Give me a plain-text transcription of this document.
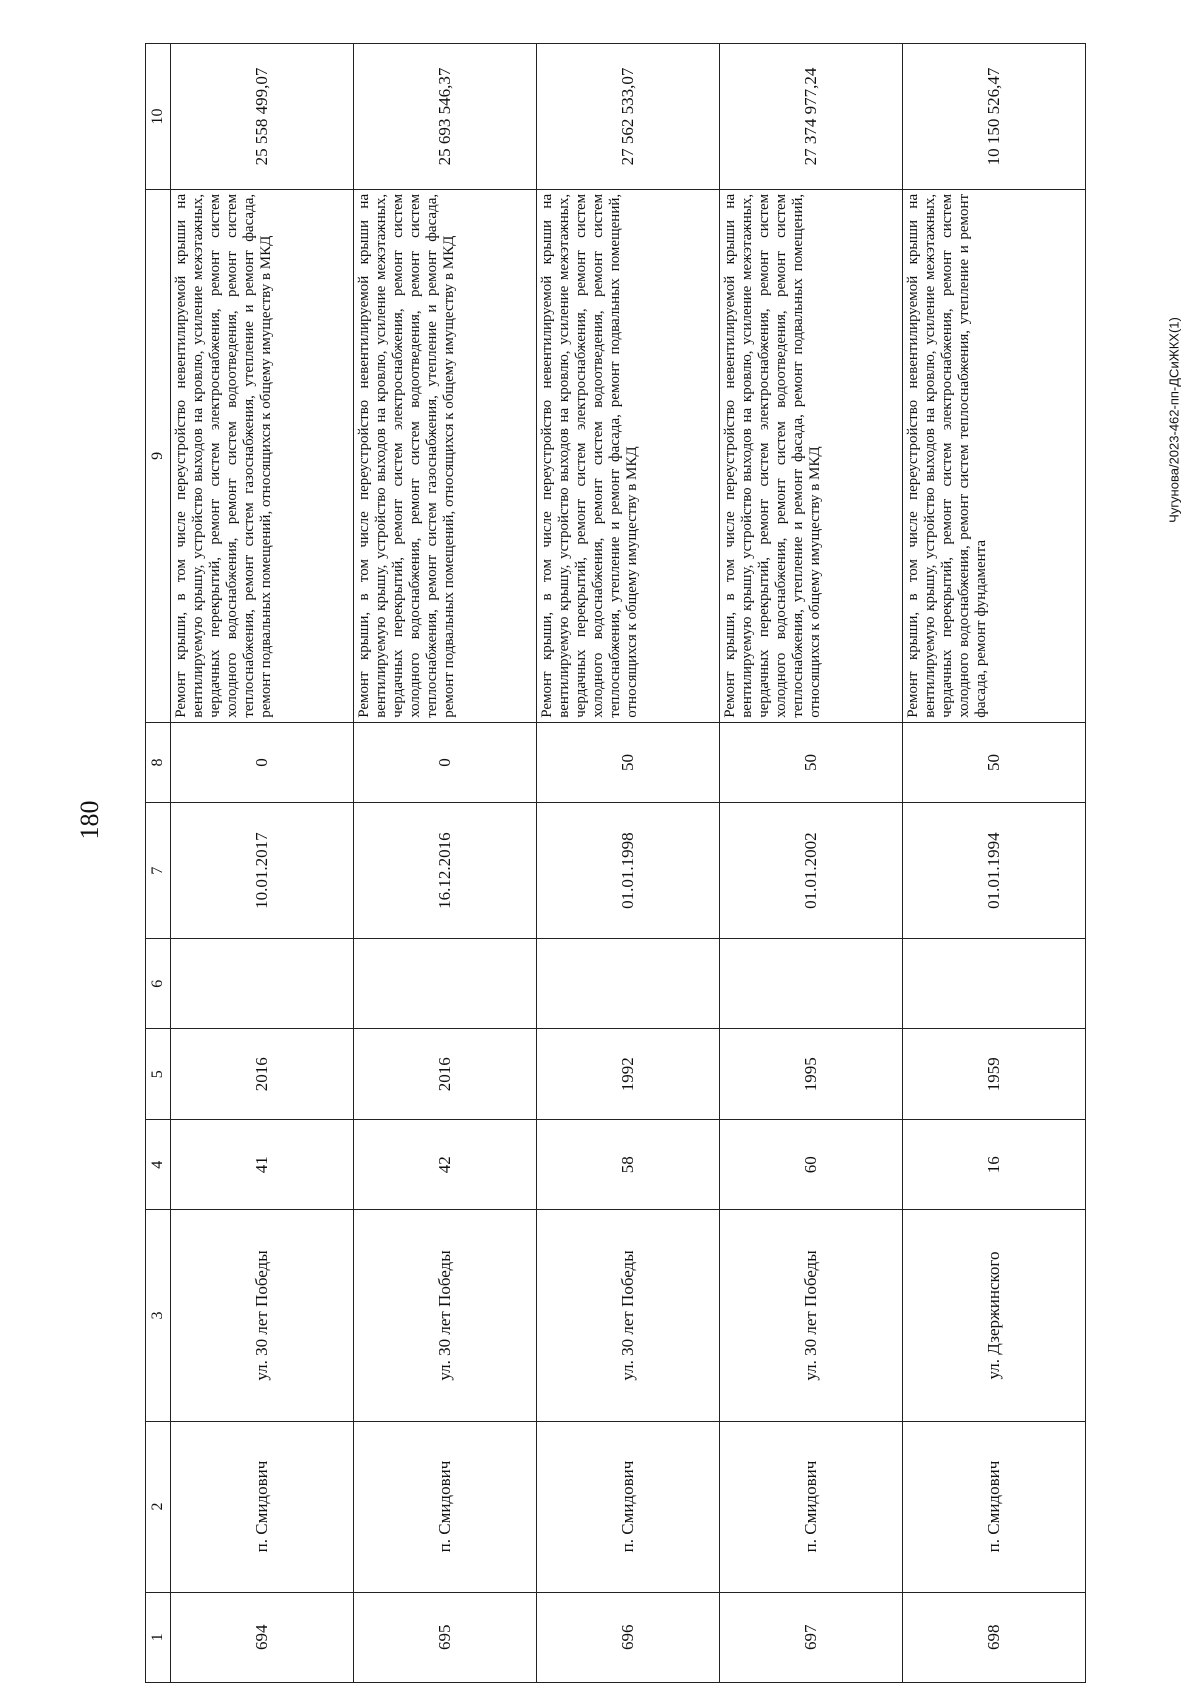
180
1	2	3	4	5	6	7	8	9	10
694	п. Смидович	ул. 30 лет Победы	41	2016		10.01.2017	0	Ремонт крыши, в том числе переустройство невентилируемой крыши на вентилируемую крышу, устройство выходов на кровлю, усиление межэтажных, чердачных перекрытий, ремонт систем электроснабжения, ремонт систем холодного водоснабжения, ремонт систем водоотведения, ремонт систем теплоснабжения, ремонт систем газоснабжения, утепление и ремонт фасада, ремонт подвальных помещений, относящихся к общему имуществу в МКД	25 558 499,07
695	п. Смидович	ул. 30 лет Победы	42	2016		16.12.2016	0	Ремонт крыши, в том числе переустройство невентилируемой крыши на вентилируемую крышу, устройство выходов на кровлю, усиление межэтажных, чердачных перекрытий, ремонт систем электроснабжения, ремонт систем холодного водоснабжения, ремонт систем водоотведения, ремонт систем теплоснабжения, ремонт систем газоснабжения, утепление и ремонт фасада, ремонт подвальных помещений, относящихся к общему имуществу в МКД	25 693 546,37
696	п. Смидович	ул. 30 лет Победы	58	1992		01.01.1998	50	Ремонт крыши, в том числе переустройство невентилируемой крыши на вентилируемую крышу, устройство выходов на кровлю, усиление межэтажных, чердачных перекрытий, ремонт систем электроснабжения, ремонт систем холодного водоснабжения, ремонт систем водоотведения, ремонт систем теплоснабжения, утепление и ремонт фасада, ремонт подвальных помещений, относящихся к общему имуществу в МКД	27 562 533,07
697	п. Смидович	ул. 30 лет Победы	60	1995		01.01.2002	50	Ремонт крыши, в том числе переустройство невентилируемой крыши на вентилируемую крышу, устройство выходов на кровлю, усиление межэтажных, чердачных перекрытий, ремонт систем электроснабжения, ремонт систем холодного водоснабжения, ремонт систем водоотведения, ремонт систем теплоснабжения, утепление и ремонт фасада, ремонт подвальных помещений, относящихся к общему имуществу в МКД	27 374 977,24
698	п. Смидович	ул. Дзержинского	16	1959		01.01.1994	50	Ремонт крыши, в том числе переустройство невентилируемой крыши на вентилируемую крышу, устройство выходов на кровлю, усиление межэтажных, чердачных перекрытий, ремонт систем электроснабжения, ремонт систем холодного водоснабжения, ремонт систем теплоснабжения, утепление и ремонт фасада, ремонт фундамента	10 150 526,47
Чугунова/2023-462-пп-ДСиЖКХ(1)
